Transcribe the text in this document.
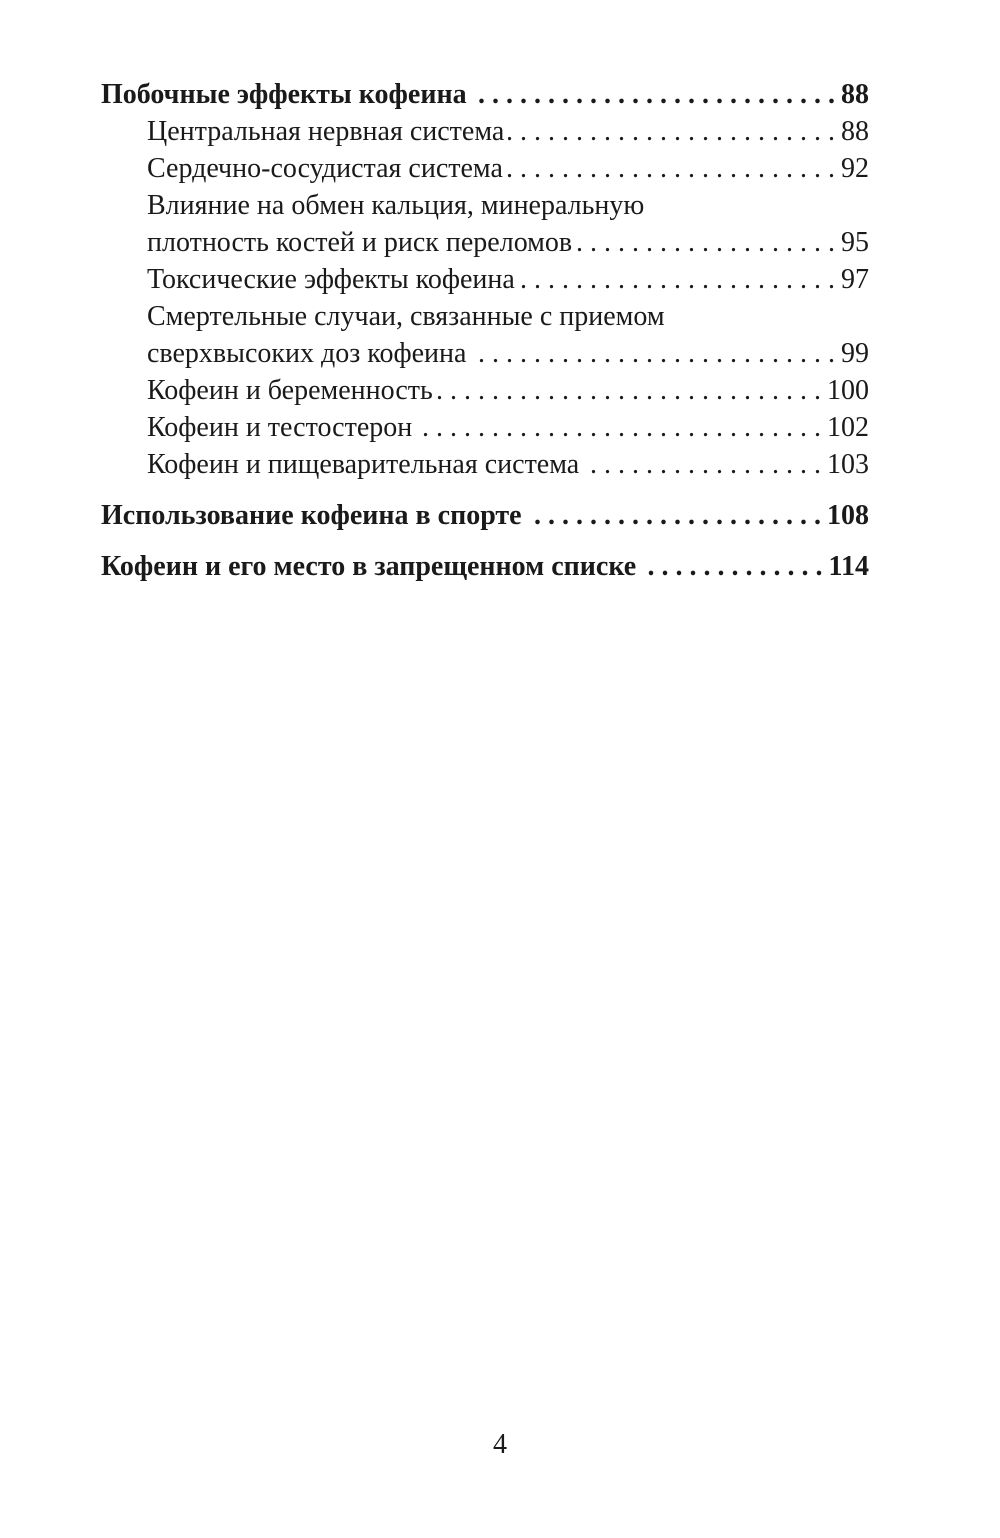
Побочные эффекты кофеина . . .	88
Центральная нервная система . . .	88
Сердечно-сосудистая система . . .	92
Влияние на обмен кальция, минеральную
плотность костей и риск переломов . . .	95
Токсические эффекты кофеина . . .	97
Смертельные случаи, связанные с приемом
сверхвысоких доз кофеина . . .	99
Кофеин и беременность . . .	100
Кофеин и тестостерон . . .	102
Кофеин и пищеварительная система . . .	103
Использование кофеина в спорте . . .	108
Кофеин и его место в запрещенном списке . . .	114
4
